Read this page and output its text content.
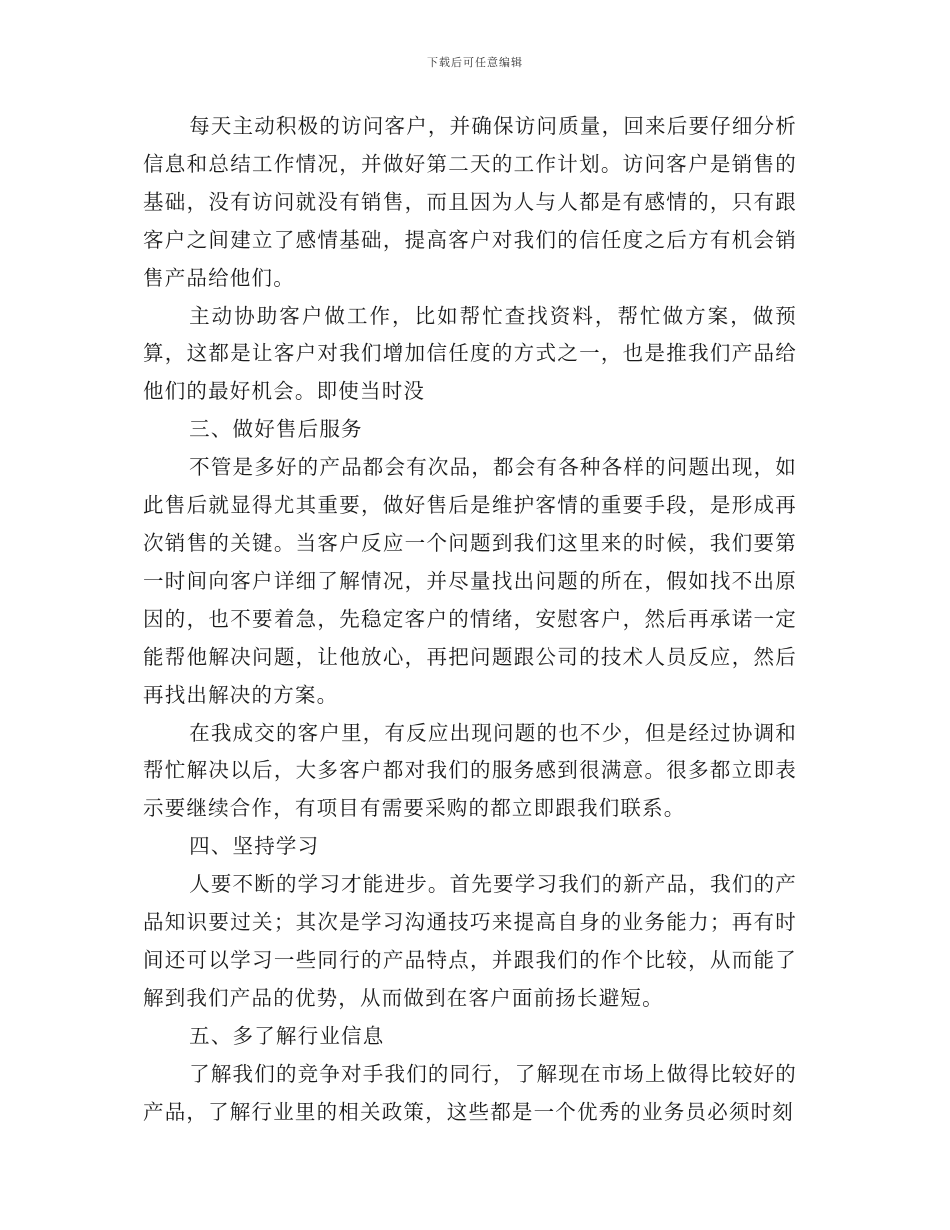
下载后可任意编辑

每天主动积极的访问客户，并确保访问质量，回来后要仔细分析信息和总结工作情况，并做好第二天的工作计划。访问客户是销售的基础，没有访问就没有销售，而且因为人与人都是有感情的，只有跟客户之间建立了感情基础，提高客户对我们的信任度之后方有机会销售产品给他们。

主动协助客户做工作，比如帮忙查找资料，帮忙做方案，做预算，这都是让客户对我们增加信任度的方式之一，也是推我们产品给他们的最好机会。即使当时没

三、做好售后服务

不管是多好的产品都会有次品，都会有各种各样的问题出现，如此售后就显得尤其重要，做好售后是维护客情的重要手段，是形成再次销售的关键。当客户反应一个问题到我们这里来的时候，我们要第一时间向客户详细了解情况，并尽量找出问题的所在，假如找不出原因的，也不要着急，先稳定客户的情绪，安慰客户，然后再承诺一定能帮他解决问题，让他放心，再把问题跟公司的技术人员反应，然后再找出解决的方案。

在我成交的客户里，有反应出现问题的也不少，但是经过协调和帮忙解决以后，大多客户都对我们的服务感到很满意。很多都立即表示要继续合作，有项目有需要采购的都立即跟我们联系。

四、坚持学习

人要不断的学习才能进步。首先要学习我们的新产品，我们的产品知识要过关；其次是学习沟通技巧来提高自身的业务能力；再有时间还可以学习一些同行的产品特点，并跟我们的作个比较，从而能了解到我们产品的优势，从而做到在客户面前扬长避短。

五、多了解行业信息

了解我们的竞争对手我们的同行，了解现在市场上做得比较好的产品，了解行业里的相关政策，这些都是一个优秀的业务员必须时刻
